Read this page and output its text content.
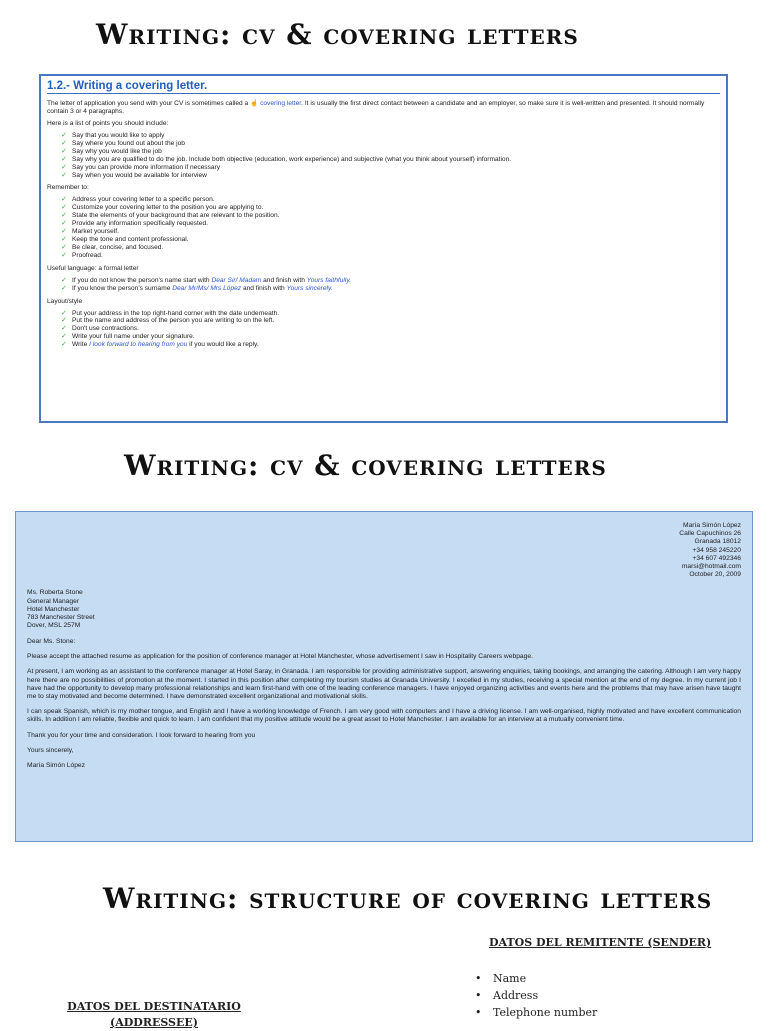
Writing: cv & covering letters
1.2.- Writing a covering letter.

The letter of application you send with your CV is sometimes called a ☝ covering letter. It is usually the first direct contact between a candidate and an employer, so make sure it is well-written and presented. It should normally contain 3 or 4 paragraphs.

Here is a list of points you should include:

✓ Say that you would like to apply
✓ Say where you found out about the job
✓ Say why you would like the job
✓ Say why you are qualified to do the job. Include both objective (education, work experience) and subjective (what you think about yourself) information.
✓ Say you can provide more information if necessary
✓ Say when you would be available for interview

Remember to:

✓ Address your covering letter to a specific person.
✓ Customize your covering letter to the position you are applying to.
✓ State the elements of your background that are relevant to the position.
✓ Provide any information specifically requested.
✓ Market yourself.
✓ Keep the tone and content professional.
✓ Be clear, concise, and focused.
✓ Proofread.

Useful language: a formal letter

✓ If you do not know the person's name start with Dear Sir/ Madam and finish with Yours faithfully.
✓ If you know the person's surname Dear Mr/Ms/ Mrs López and finish with Yours sincerely.

Layout/style

✓ Put your address in the top right-hand corner with the date underneath.
✓ Put the name and address of the person you are writing to on the left.
✓ Don't use contractions.
✓ Write your full name under your signature.
✓ Write I look forward to hearing from you if you would like a reply.
Writing: cv & covering letters
María Simón López
Calle Capuchinos 26
Granada 18012
+34 958 245220
+34 607 492346
marsi@hotmail.com
October 20, 2009
Ms. Roberta Stone
General Manager
Hotel Manchester
783 Manchester Street
Dover, MSL 257M

Dear Ms. Stone:

Please accept the attached resume as application for the position of conference manager at Hotel Manchester, whose advertisement I saw in Hospitality Careers webpage.

At present, I am working as an assistant to the conference manager at Hotel Saray, in Granada. I am responsible for providing administrative support, answering enquiries, taking bookings, and arranging the catering. Although I am very happy here there are no possibilities of promotion at the moment. I started in this position after completing my tourism studies at Granada University. I excelled in my studies, receiving a special mention at the end of my degree. In my current job I have had the opportunity to develop many professional relationships and learn first-hand with one of the leading conference managers. I have enjoyed organizing activities and events here and the problems that may have arisen have taught me to stay motivated and become determined. I have demonstrated excellent organizational and motivational skills.

I can speak Spanish, which is my mother tongue, and English and I have a working knowledge of French. I am very good with computers and I have a driving license. I am well-organised, highly motivated and have excellent communication skills. In addition I am reliable, flexible and quick to learn. I am confident that my positive attitude would be a great asset to Hotel Manchester. I am available for an interview at a mutually convenient time.

Thank you for your time and consideration. I look forward to hearing from you

Yours sincerely,

María Simón López

Writing: structure of covering letters
DATOS DEL REMITENTE (SENDER)
• Name
• Address
• Telephone number
DATOS DEL DESTINATARIO
(ADDRESSEE)
